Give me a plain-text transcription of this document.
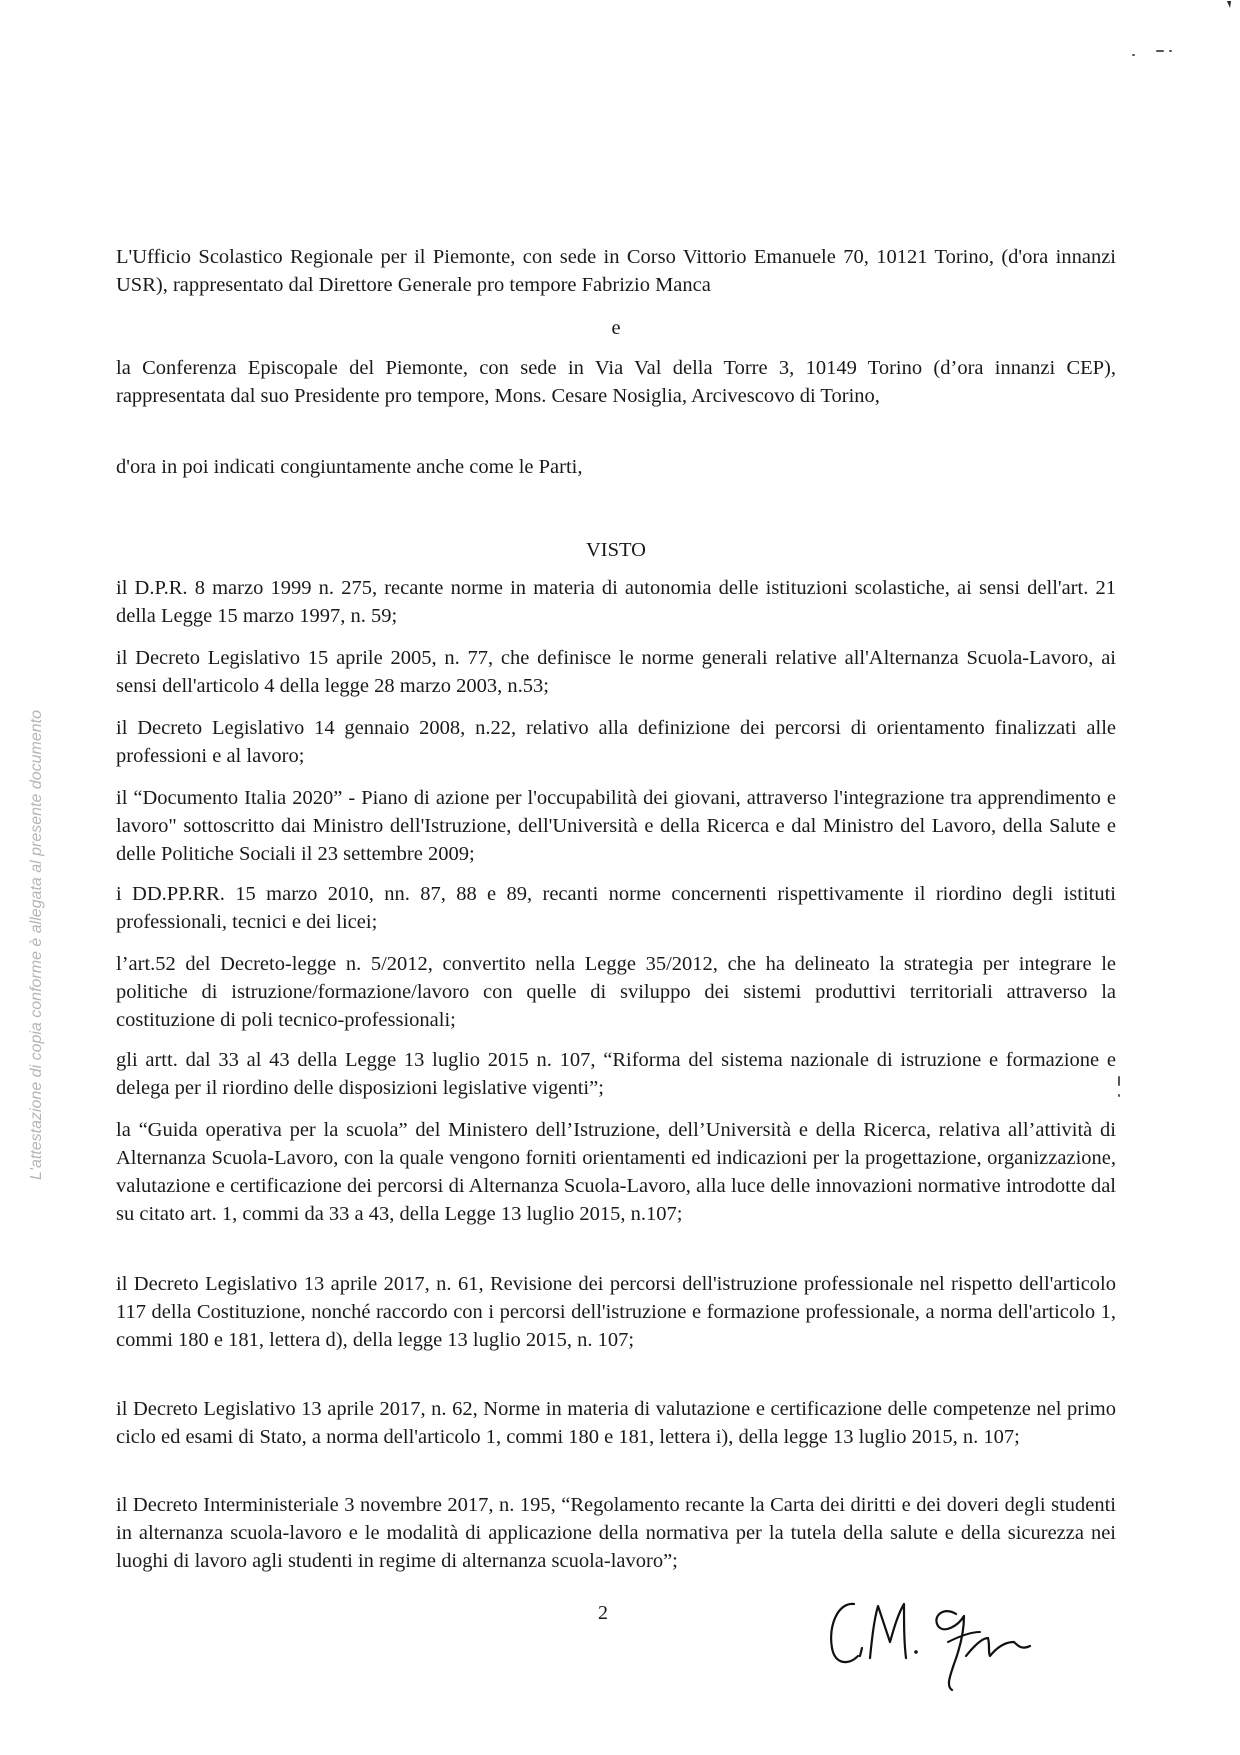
L'attestazione di copia conforme è allegata al presente documento

L'Ufficio Scolastico Regionale per il Piemonte, con sede in Corso Vittorio Emanuele 70, 10121 Torino, (d'ora innanzi USR), rappresentato dal Direttore Generale pro tempore Fabrizio Manca

e

la Conferenza Episcopale del Piemonte, con sede in Via Val della Torre 3, 10149 Torino (d’ora innanzi CEP), rappresentata dal suo Presidente pro tempore, Mons. Cesare Nosiglia, Arcivescovo di Torino,

d'ora in poi indicati congiuntamente anche come le Parti,

VISTO

il D.P.R. 8 marzo 1999 n. 275, recante norme in materia di autonomia delle istituzioni scolastiche, ai sensi dell'art. 21 della Legge 15 marzo 1997, n. 59;

il Decreto Legislativo 15 aprile 2005, n. 77, che definisce le norme generali relative all'Alternanza Scuola-Lavoro, ai sensi dell'articolo 4 della legge 28 marzo 2003, n.53;

il Decreto Legislativo 14 gennaio 2008, n.22, relativo alla definizione dei percorsi di orientamento finalizzati alle professioni e al lavoro;

il “Documento Italia 2020” - Piano di azione per l'occupabilità dei giovani, attraverso l'integrazione tra apprendimento e lavoro" sottoscritto dai Ministro dell'Istruzione, dell'Università e della Ricerca e dal Ministro del Lavoro, della Salute e delle Politiche Sociali il 23 settembre 2009;

i DD.PP.RR. 15 marzo 2010, nn. 87, 88 e 89, recanti norme concernenti rispettivamente il riordino degli istituti professionali, tecnici e dei licei;

l’art.52 del Decreto-legge n. 5/2012, convertito nella Legge 35/2012, che ha delineato la strategia per integrare le politiche di istruzione/formazione/lavoro con quelle di sviluppo dei sistemi produttivi territoriali attraverso la costituzione di poli tecnico-professionali;

gli artt. dal 33 al 43 della Legge 13 luglio 2015 n. 107, “Riforma del sistema nazionale di istruzione e formazione e delega per il riordino delle disposizioni legislative vigenti”;

la “Guida operativa per la scuola” del Ministero dell’Istruzione, dell’Università e della Ricerca, relativa all’attività di Alternanza Scuola-Lavoro, con la quale vengono forniti orientamenti ed indicazioni per la progettazione, organizzazione, valutazione e certificazione dei percorsi di Alternanza Scuola-Lavoro, alla luce delle innovazioni normative introdotte dal su citato art. 1, commi da 33 a 43, della Legge 13 luglio 2015, n.107;

il Decreto Legislativo 13 aprile 2017, n. 61, Revisione dei percorsi dell'istruzione professionale nel rispetto dell'articolo 117 della Costituzione, nonché raccordo con i percorsi dell'istruzione e formazione professionale, a norma dell'articolo 1, commi 180 e 181, lettera d), della legge 13 luglio 2015, n. 107;

il Decreto Legislativo 13 aprile 2017, n. 62, Norme in materia di valutazione e certificazione delle competenze nel primo ciclo ed esami di Stato, a norma dell'articolo 1, commi 180 e 181, lettera i), della legge 13 luglio 2015, n. 107;

il Decreto Interministeriale 3 novembre 2017, n. 195, “Regolamento recante la Carta dei diritti e dei doveri degli studenti in alternanza scuola-lavoro e le modalità di applicazione della normativa per la tutela della salute e della sicurezza nei luoghi di lavoro agli studenti in regime di alternanza scuola-lavoro”;

2
